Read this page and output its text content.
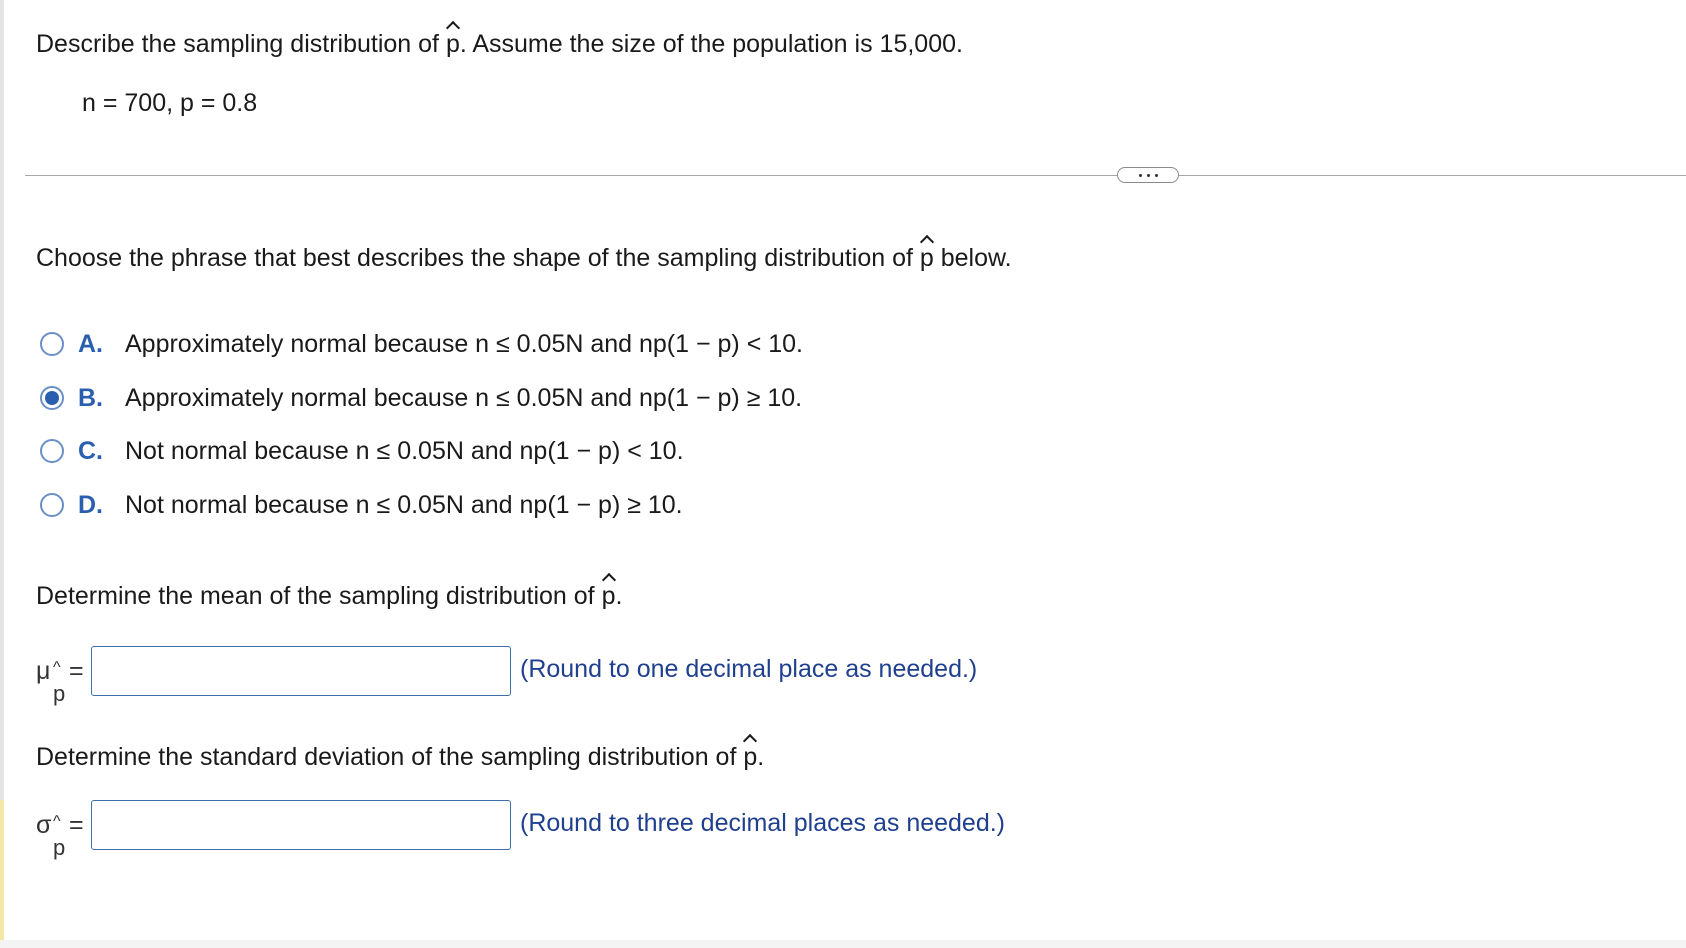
Describe the sampling distribution of p. Assume the size of the population is 15,000.
n = 700, p = 0.8
Choose the phrase that best describes the shape of the sampling distribution of p below.
A. Approximately normal because n ≤ 0.05N and np(1 − p) < 10.
B. Approximately normal because n ≤ 0.05N and np(1 − p) ≥ 10.
C. Not normal because n ≤ 0.05N and np(1 − p) < 10.
D. Not normal because n ≤ 0.05N and np(1 − p) ≥ 10.
Determine the mean of the sampling distribution of p.
μ ^
p
=	(Round to one decimal place as needed.)
Determine the standard deviation of the sampling distribution of p.
σ ^
p
=	(Round to three decimal places as needed.)
